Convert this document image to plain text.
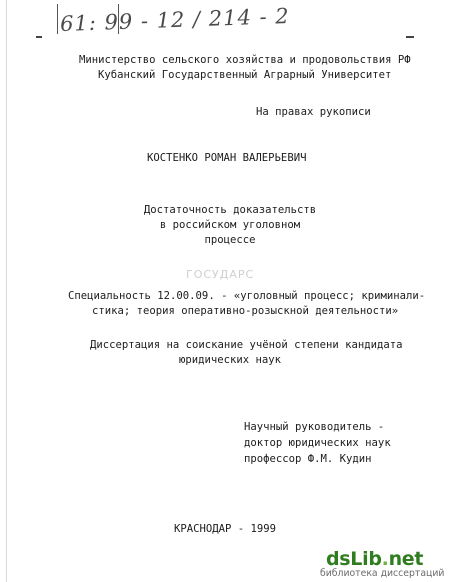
61: 99 - 12 / 214 - 2
Министерство сельского хозяйства и продовольствия РФ
Кубанский Государственный Аграрный Университет
На правах рукописи
КОСТЕНКО РОМАН ВАЛЕРЬЕВИЧ
Достаточность доказательств
в российском уголовном
процессе
ГОСУДАРС
Специальность 12.00.09. - «уголовный процесс; криминали-
стика; теория оперативно-розыскной деятельности»
Диссертация на соискание учёной степени кандидата
юридических наук
Научный руководитель -
доктор юридических наук
профессор Ф.М. Кудин
КРАСНОДАР - 1999
dsLib.net
библиотека диссертаций
